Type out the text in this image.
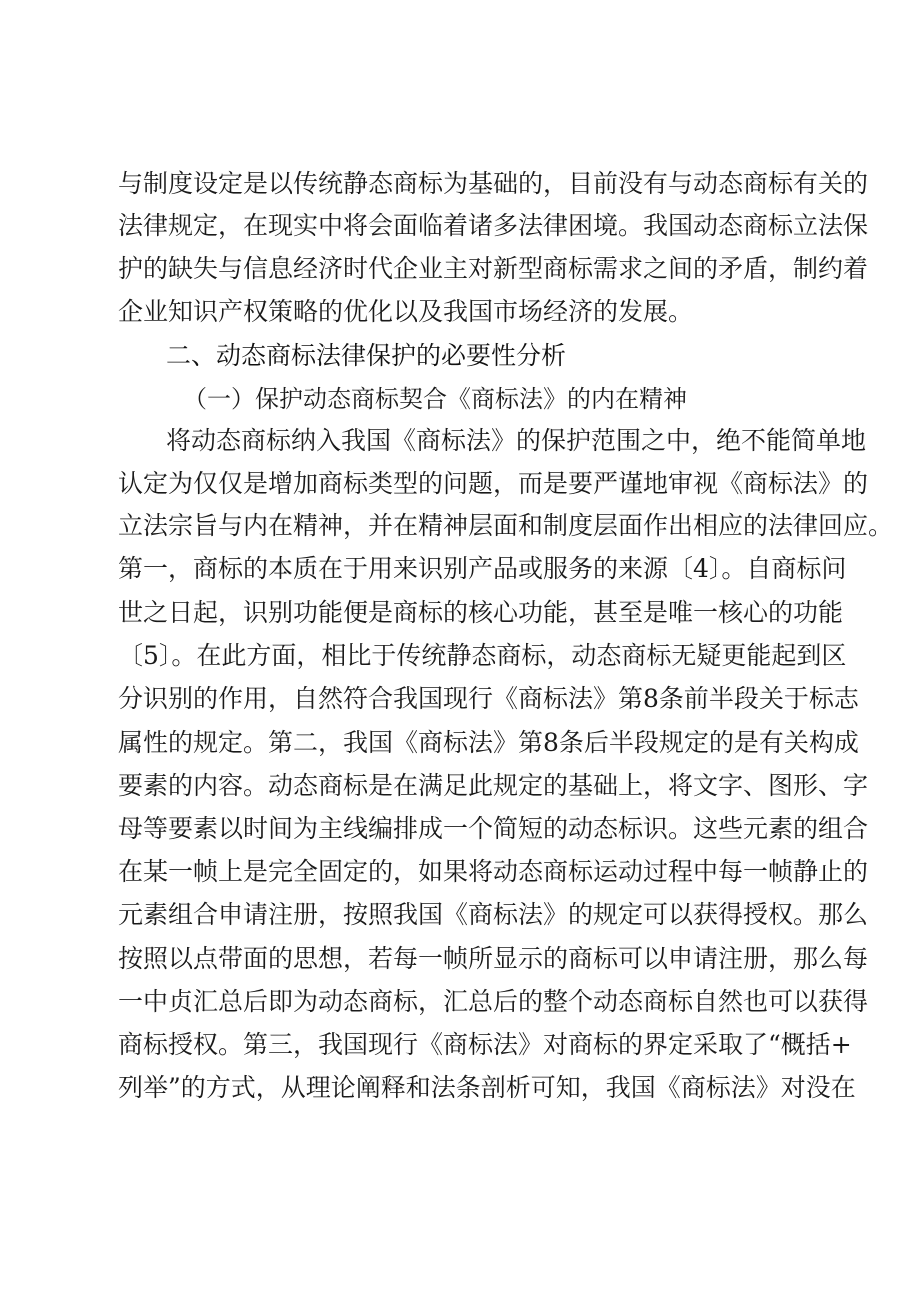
与制度设定是以传统静态商标为基础的，目前没有与动态商标有关的
法律规定，在现实中将会面临着诸多法律困境。我国动态商标立法保
护的缺失与信息经济时代企业主对新型商标需求之间的矛盾，制约着
企业知识产权策略的优化以及我国市场经济的发展。
二、动态商标法律保护的必要性分析
（一）保护动态商标契合《商标法》的内在精神
将动态商标纳入我国《商标法》的保护范围之中，绝不能简单地
认定为仅仅是增加商标类型的问题，而是要严谨地审视《商标法》的
立法宗旨与内在精神，并在精神层面和制度层面作出相应的法律回应。
第一，商标的本质在于用来识别产品或服务的来源〔4〕。自商标问
世之日起，识别功能便是商标的核心功能，甚至是唯一核心的功能
〔5〕。在此方面，相比于传统静态商标，动态商标无疑更能起到区
分识别的作用，自然符合我国现行《商标法》第8条前半段关于标志
属性的规定。第二，我国《商标法》第8条后半段规定的是有关构成
要素的内容。动态商标是在满足此规定的基础上，将文字、图形、字
母等要素以时间为主线编排成一个简短的动态标识。这些元素的组合
在某一帧上是完全固定的，如果将动态商标运动过程中每一帧静止的
元素组合申请注册，按照我国《商标法》的规定可以获得授权。那么
按照以点带面的思想，若每一帧所显示的商标可以申请注册，那么每
一中贞汇总后即为动态商标，汇总后的整个动态商标自然也可以获得
商标授权。第三，我国现行《商标法》对商标的界定采取了“概括+
列举”的方式，从理论阐释和法条剖析可知，我国《商标法》对没在
